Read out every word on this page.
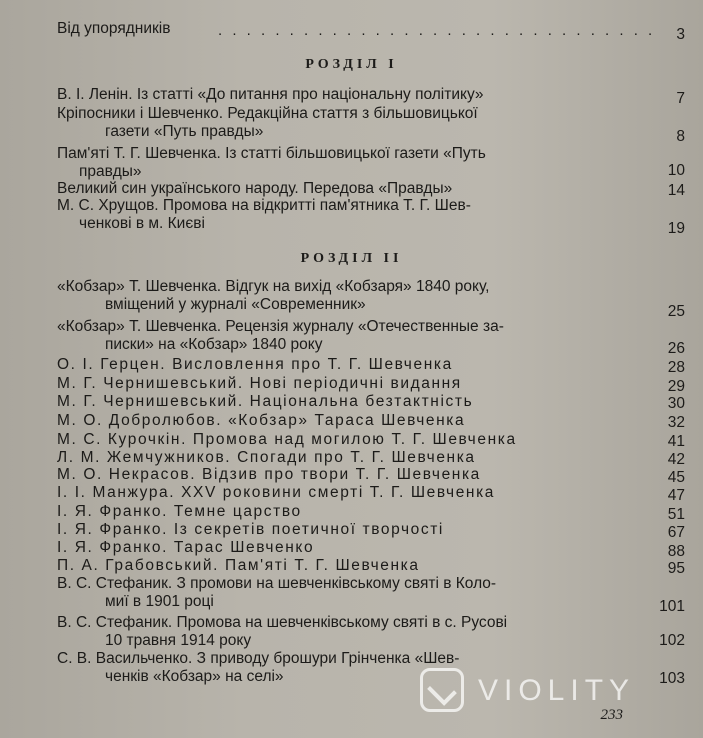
Від упорядників	. . . . . . . . . . . . . . . . . . . . . . . . . . . . . . . 3
РОЗДІЛ І
В. І. Ленін. Із статті «До питання про національну політику»	7
Кріпосники і Шевченко. Редакційна стаття з більшовицької
газети «Путь правды»	8
Пам'яті Т. Г. Шевченка. Із статті більшовицької газети «Путь
правды»	10
Великий син українського народу. Передова «Правды»	14
М. С. Хрущов. Промова на відкритті пам'ятника Т. Г. Шев-
ченкові в м. Києві	19
РОЗДІЛ ІІ
«Кобзар» Т. Шевченка. Відгук на вихід «Кобзаря» 1840 року,
вміщений у журналі «Современник»	25
«Кобзар» Т. Шевченка. Рецензія журналу «Отечественные за-
писки» на «Кобзар» 1840 року	26
О. І. Герцен. Висловлення про Т. Г. Шевченка	28
М. Г. Чернишевський. Нові періодичні видання	29
М. Г. Чернишевський. Національна безтактність	30
М. О. Добролюбов. «Кобзар» Тараса Шевченка	32
М. С. Курочкін. Промова над могилою Т. Г. Шевченка	41
Л. М. Жемчужников. Спогади про Т. Г. Шевченка	42
М. О. Некрасов. Відзив про твори Т. Г. Шевченка	45
І. І. Манжура. XXV роковини смерті Т. Г. Шевченка	47
І. Я. Франко. Темне царство	51
І. Я. Франко. Із секретів поетичної творчості	67
І. Я. Франко. Тарас Шевченко	88
П. А. Грабовський. Пам'яті Т. Г. Шевченка	95
В. С. Стефаник. З промови на шевченківському святі в Коло-
миї в 1901 році	101
В. С. Стефаник. Промова на шевченківському святі в с. Русові
10 травня 1914 року	102
С. В. Васильченко. З приводу брошури Грінченка «Шев-
ченків «Кобзар» на селі»	103
233
VIOLITY
